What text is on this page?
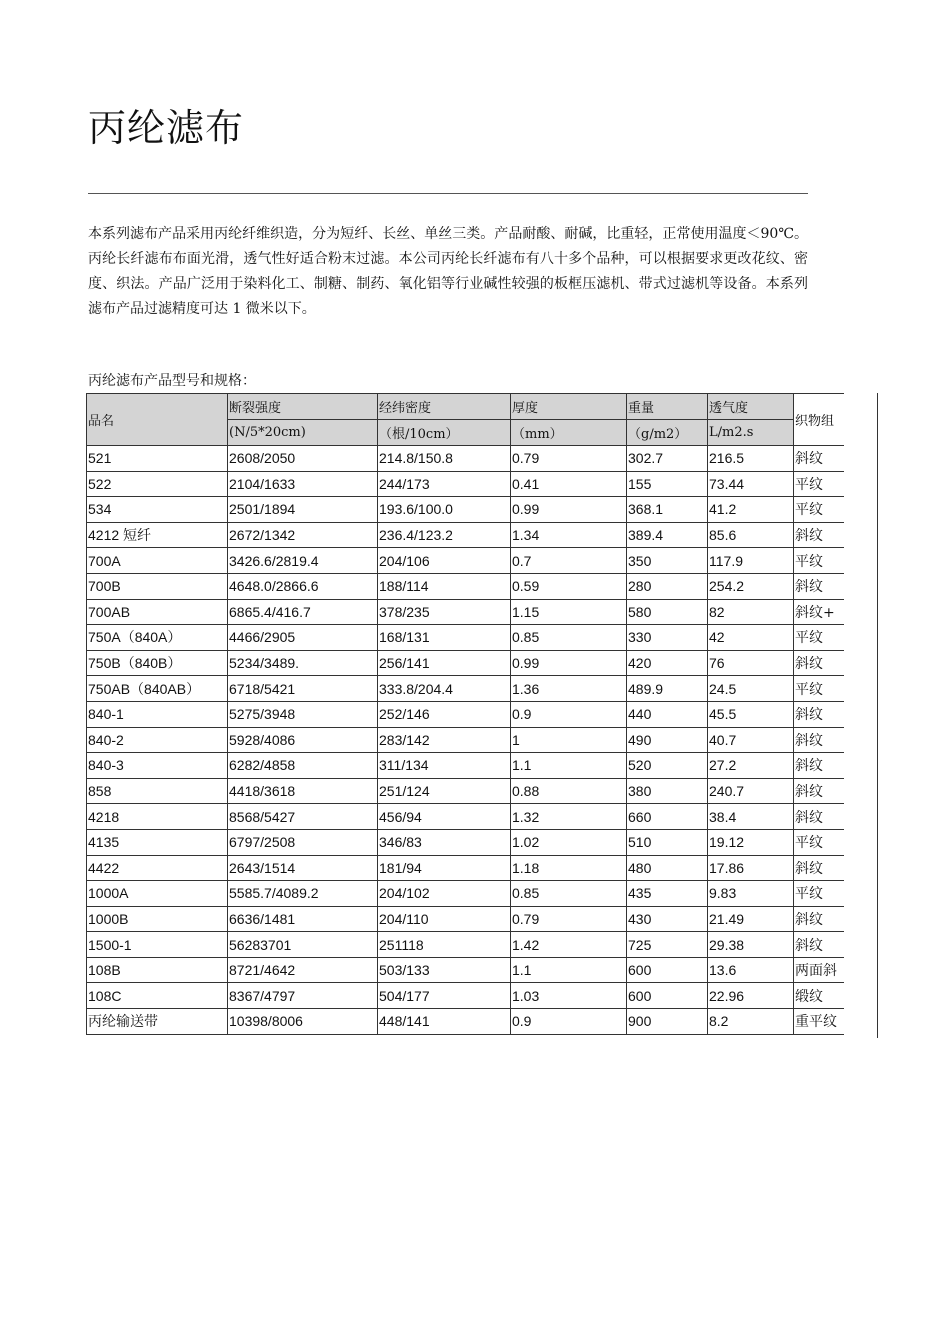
丙纶滤布

本系列滤布产品采用丙纶纤维织造，分为短纤、长丝、单丝三类。产品耐酸、耐碱，比重轻，正常使用温度＜90℃。丙纶长纤滤布布面光滑，透气性好适合粉末过滤。本公司丙纶长纤滤布有八十多个品种，可以根据要求更改花纹、密度、织法。产品广泛用于染料化工、制糖、制药、氧化铝等行业碱性较强的板框压滤机、带式过滤机等设备。本系列滤布产品过滤精度可达 1 微米以下。

丙纶滤布产品型号和规格：
品名	断裂强度	经纬密度	厚度	重量	透气度	织物组
	(N/5*20cm)	（根/10cm）	（mm）	（g/m2）	L/m2.s	
521	2608/2050	214.8/150.8	0.79	302.7	216.5	斜纹
522	2104/1633	244/173	0.41	155	73.44	平纹
534	2501/1894	193.6/100.0	0.99	368.1	41.2	平纹
4212 短纤	2672/1342	236.4/123.2	1.34	389.4	85.6	斜纹
700A	3426.6/2819.4	204/106	0.7	350	117.9	平纹
700B	4648.0/2866.6	188/114	0.59	280	254.2	斜纹
700AB	6865.4/416.7	378/235	1.15	580	82	斜纹+
750A（840A）	4466/2905	168/131	0.85	330	42	平纹
750B（840B）	5234/3489.	256/141	0.99	420	76	斜纹
750AB（840AB）	6718/5421	333.8/204.4	1.36	489.9	24.5	平纹
840-1	5275/3948	252/146	0.9	440	45.5	斜纹
840-2	5928/4086	283/142	1	490	40.7	斜纹
840-3	6282/4858	311/134	1.1	520	27.2	斜纹
858	4418/3618	251/124	0.88	380	240.7	斜纹
4218	8568/5427	456/94	1.32	660	38.4	斜纹
4135	6797/2508	346/83	1.02	510	19.12	平纹
4422	2643/1514	181/94	1.18	480	17.86	斜纹
1000A	5585.7/4089.2	204/102	0.85	435	9.83	平纹
1000B	6636/1481	204/110	0.79	430	21.49	斜纹
1500-1	56283701	251118	1.42	725	29.38	斜纹
108B	8721/4642	503/133	1.1	600	13.6	两面斜
108C	8367/4797	504/177	1.03	600	22.96	缎纹
丙纶输送带	10398/8006	448/141	0.9	900	8.2	重平纹
